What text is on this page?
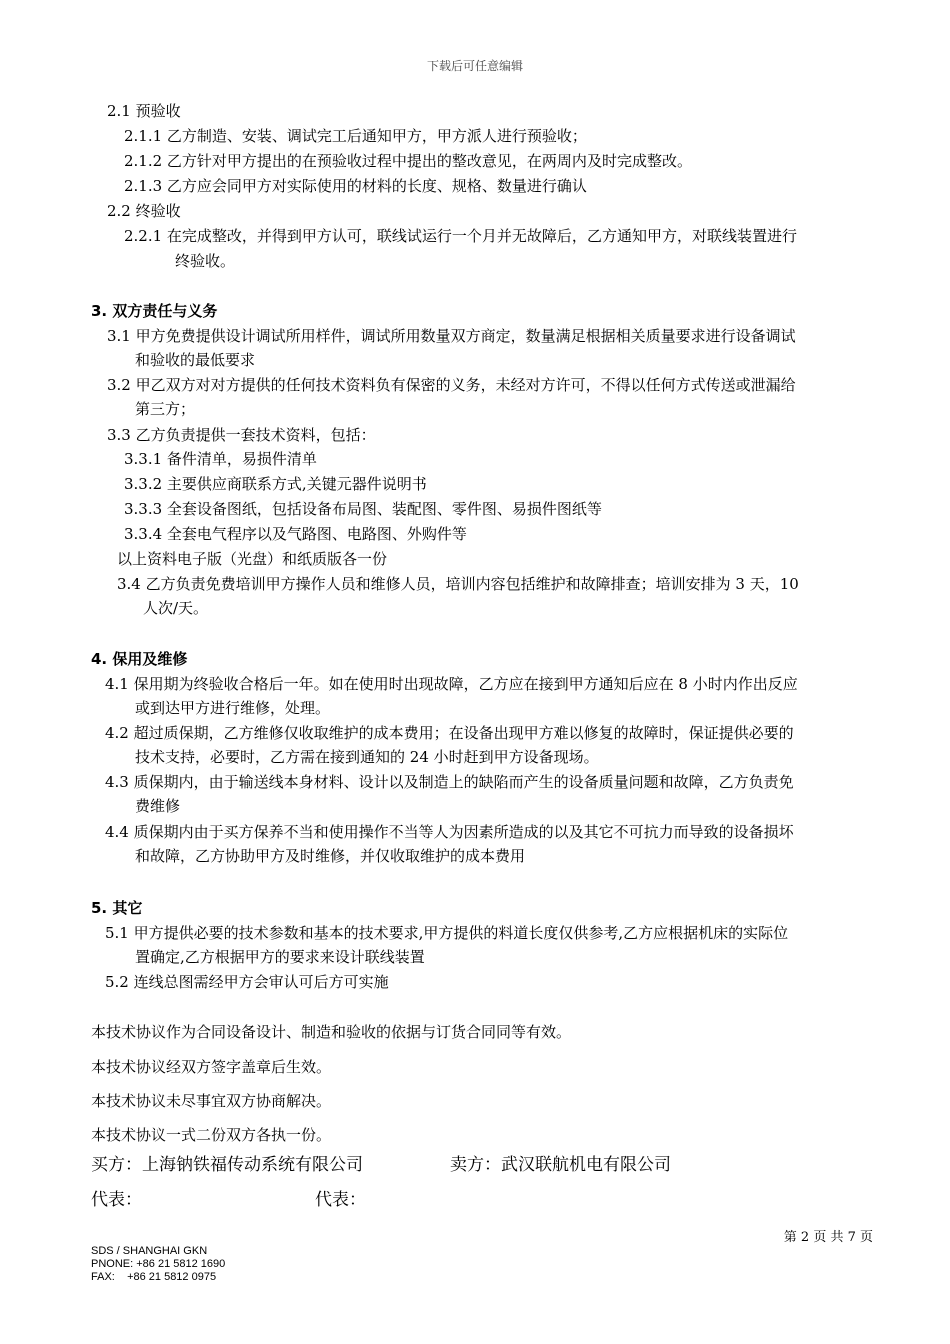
下载后可任意编辑
2.1 预验收
2.1.1 乙方制造、安装、调试完工后通知甲方，甲方派人进行预验收；
2.1.2 乙方针对甲方提出的在预验收过程中提出的整改意见，在两周内及时完成整改。
2.1.3 乙方应会同甲方对实际使用的材料的长度、规格、数量进行确认
2.2 终验收
2.2.1 在完成整改，并得到甲方认可，联线试运行一个月并无故障后，乙方通知甲方，对联线装置进行
终验收。
3. 双方责任与义务
3.1 甲方免费提供设计调试所用样件，调试所用数量双方商定，数量满足根据相关质量要求进行设备调试
和验收的最低要求
3.2 甲乙双方对对方提供的任何技术资料负有保密的义务，未经对方许可，不得以任何方式传送或泄漏给
第三方；
3.3 乙方负责提供一套技术资料，包括：
3.3.1 备件清单，易损件清单
3.3.2 主要供应商联系方式,关键元器件说明书
3.3.3 全套设备图纸，包括设备布局图、装配图、零件图、易损件图纸等
3.3.4 全套电气程序以及气路图、电路图、外购件等
以上资料电子版（光盘）和纸质版各一份
3.4 乙方负责免费培训甲方操作人员和维修人员，培训内容包括维护和故障排查；培训安排为 3 天，10
人次/天。
4. 保用及维修
4.1 保用期为终验收合格后一年。如在使用时出现故障，乙方应在接到甲方通知后应在 8 小时内作出反应
或到达甲方进行维修，处理。
4.2 超过质保期，乙方维修仅收取维护的成本费用；在设备出现甲方难以修复的故障时，保证提供必要的
技术支持，必要时，乙方需在接到通知的 24 小时赶到甲方设备现场。
4.3 质保期内，由于输送线本身材料、设计以及制造上的缺陷而产生的设备质量问题和故障，乙方负责免
费维修
4.4 质保期内由于买方保养不当和使用操作不当等人为因素所造成的以及其它不可抗力而导致的设备损坏
和故障，乙方协助甲方及时维修，并仅收取维护的成本费用
5. 其它
5.1 甲方提供必要的技术参数和基本的技术要求,甲方提供的料道长度仅供参考,乙方应根据机床的实际位
置确定,乙方根据甲方的要求来设计联线装置
5.2 连线总图需经甲方会审认可后方可实施
本技术协议作为合同设备设计、制造和验收的依据与订货合同同等有效。
本技术协议经双方签字盖章后生效。
本技术协议未尽事宜双方协商解决。
本技术协议一式二份双方各执一份。
买方：上海钠铁福传动系统有限公司	卖方：武汉联航机电有限公司
代表：	代表：
第 2 页 共 7 页
SDS / SHANGHAI GKN
PNONE: +86 21 5812 1690
FAX:    +86 21 5812 0975
